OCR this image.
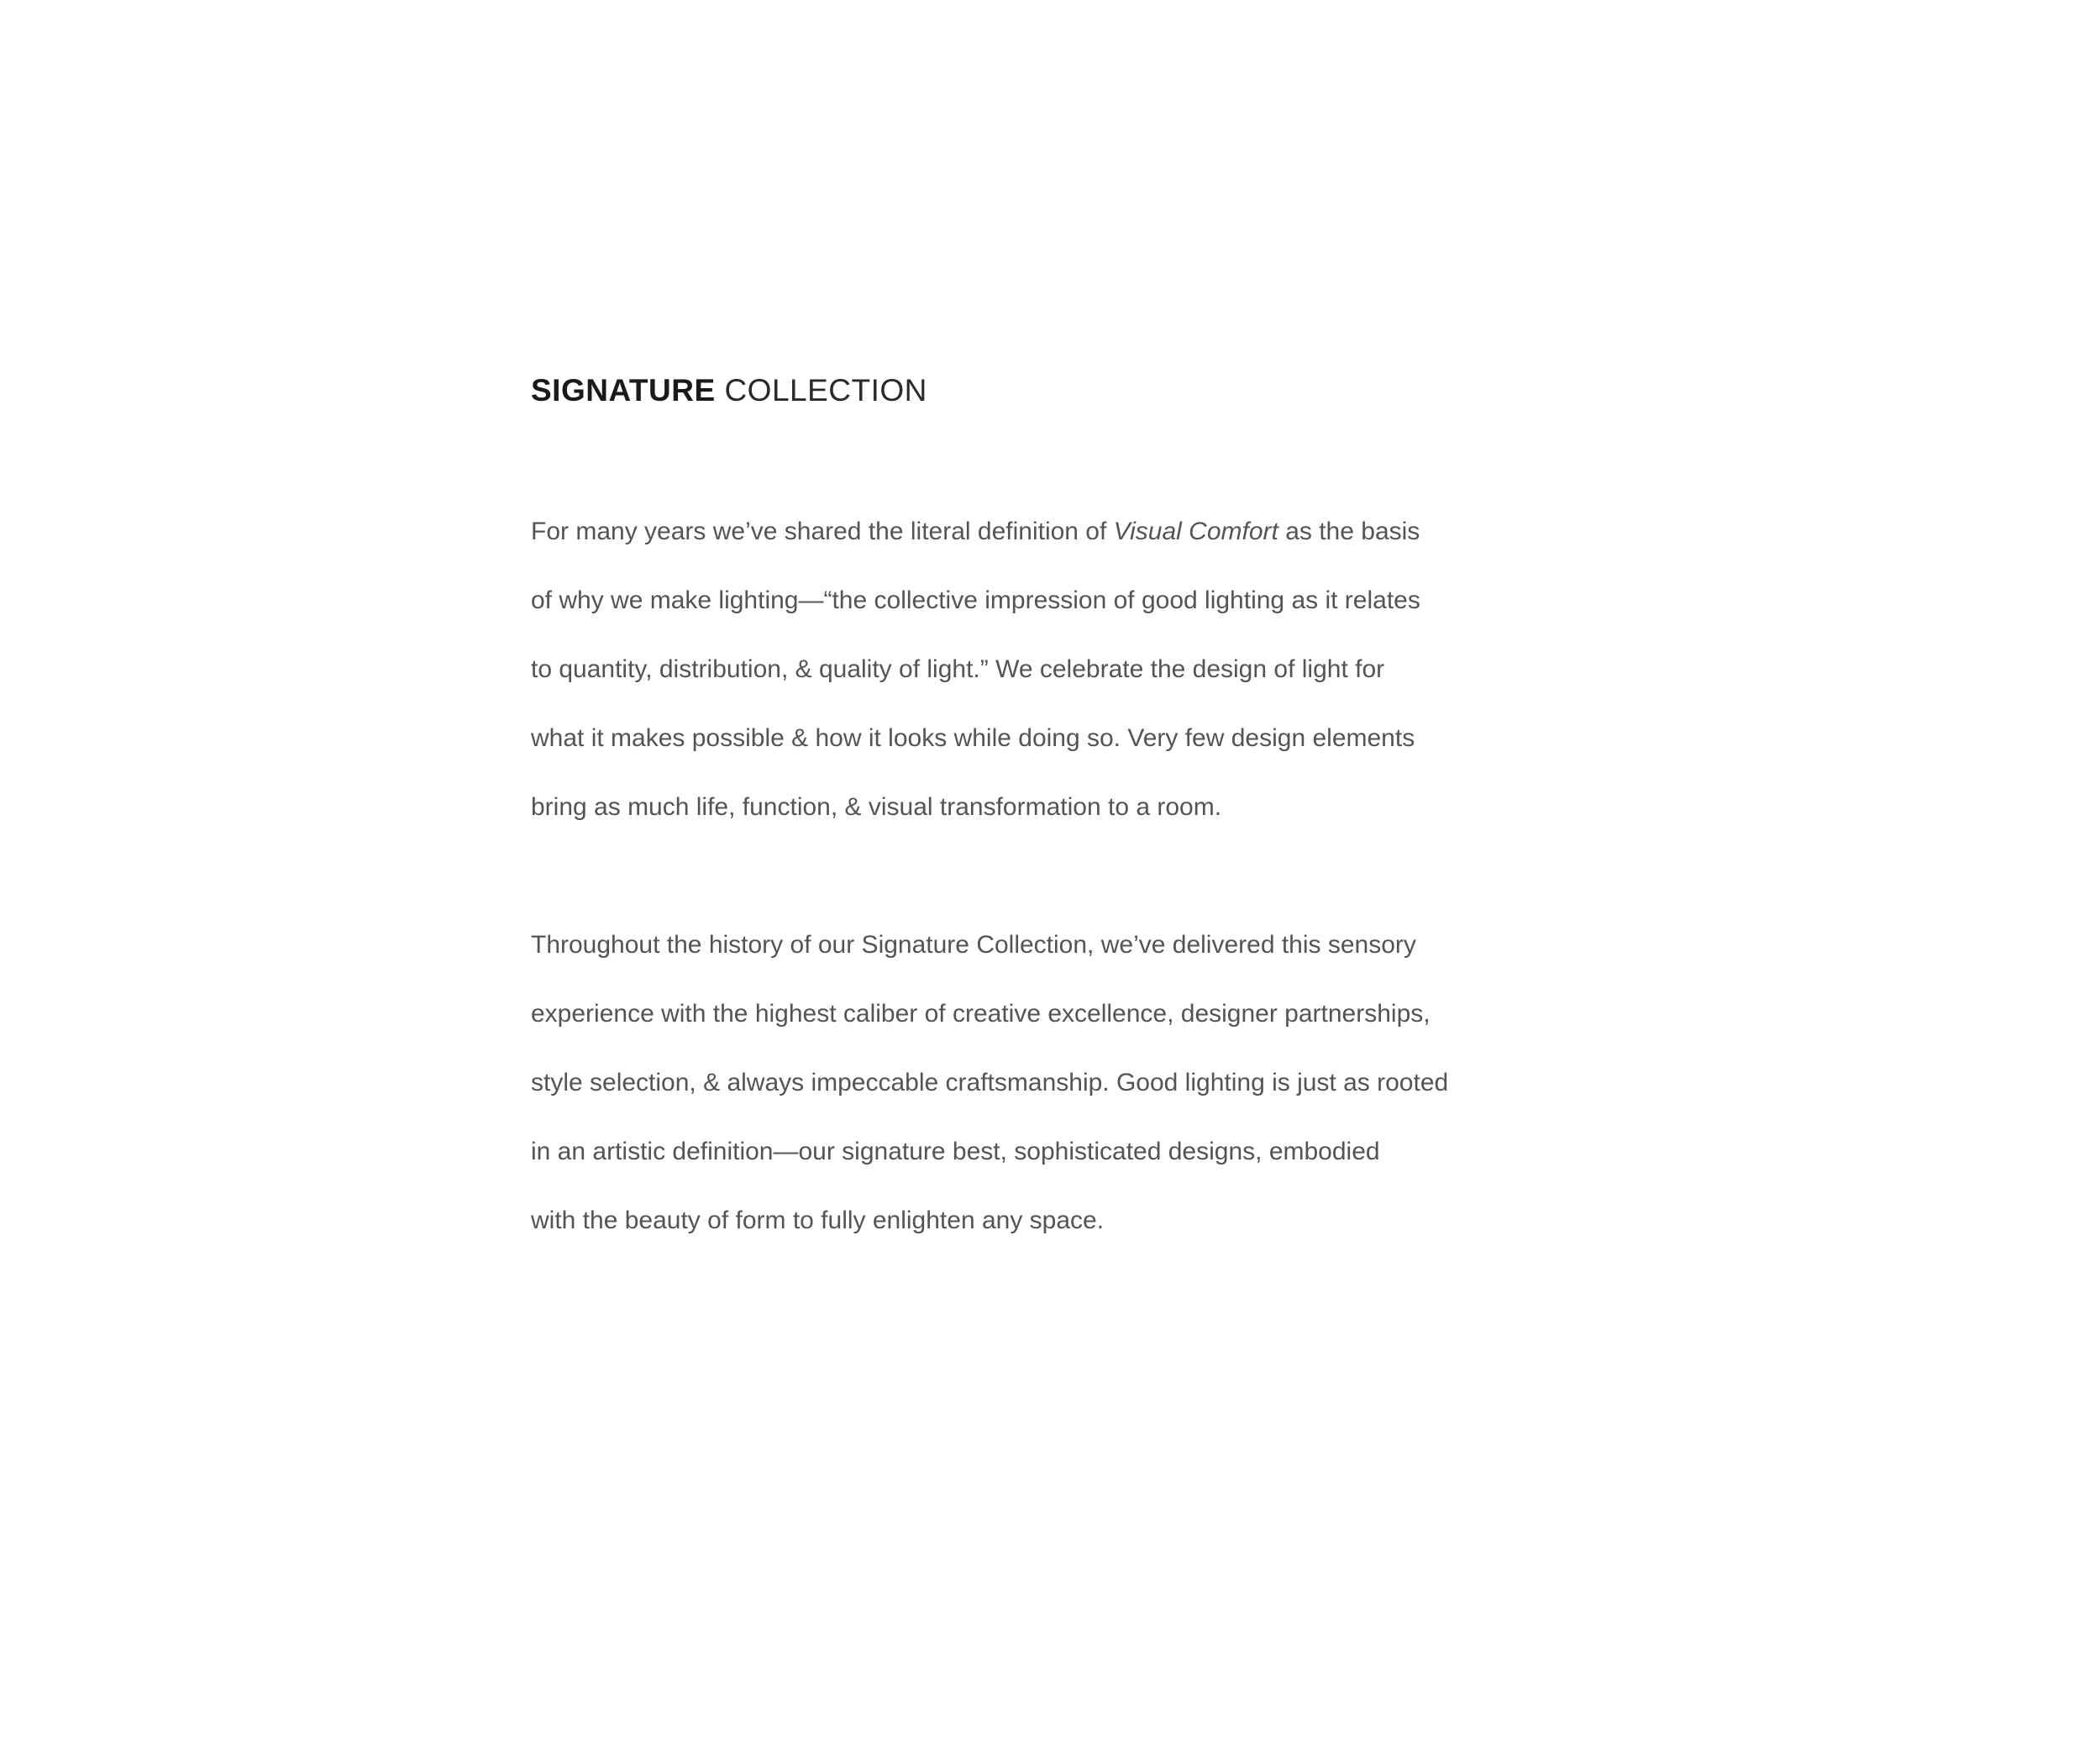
SIGNATURE COLLECTION

For many years we’ve shared the literal definition of Visual Comfort as the basis
of why we make lighting—“the collective impression of good lighting as it relates
to quantity, distribution, & quality of light.” We celebrate the design of light for
what it makes possible & how it looks while doing so. Very few design elements
bring as much life, function, & visual transformation to a room.

Throughout the history of our Signature Collection, we’ve delivered this sensory
experience with the highest caliber of creative excellence, designer partnerships,
style selection, & always impeccable craftsmanship. Good lighting is just as rooted
in an artistic definition—our signature best, sophisticated designs, embodied
with the beauty of form to fully enlighten any space.
